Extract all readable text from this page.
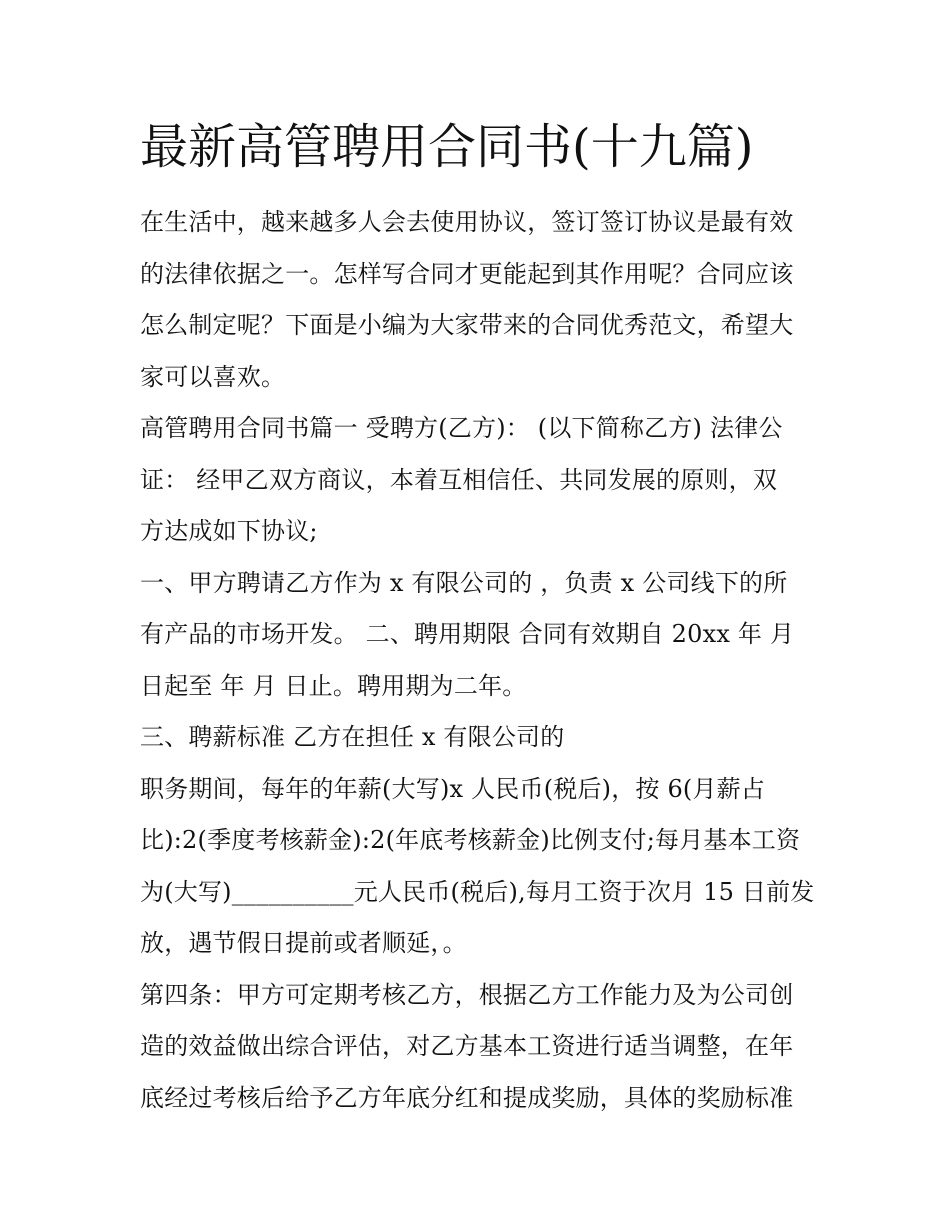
最新高管聘用合同书(十九篇)
在生活中，越来越多人会去使用协议，签订签订协议是最有效
的法律依据之一。怎样写合同才更能起到其作用呢？合同应该
怎么制定呢？下面是小编为大家带来的合同优秀范文，希望大
家可以喜欢。
高管聘用合同书篇一 受聘方(乙方)： (以下简称乙方) 法律公
证： 经甲乙双方商议，本着互相信任、共同发展的原则，双
方达成如下协议;
一、甲方聘请乙方作为 x 有限公司的 ，负责 x 公司线下的所
有产品的市场开发。 二、聘用期限 合同有效期自 20xx 年 月
日起至 年 月 日止。聘用期为二年。
三、聘薪标准 乙方在担任 x 有限公司的
职务期间，每年的年薪(大写)x 人民币(税后)，按 6(月薪占
比):2(季度考核薪金):2(年底考核薪金)比例支付;每月基本工资
为(大写)__________元人民币(税后),每月工资于次月 15 日前发
放，遇节假日提前或者顺延，。
第四条：甲方可定期考核乙方，根据乙方工作能力及为公司创
造的效益做出综合评估，对乙方基本工资进行适当调整，在年
底经过考核后给予乙方年底分红和提成奖励，具体的奖励标准
